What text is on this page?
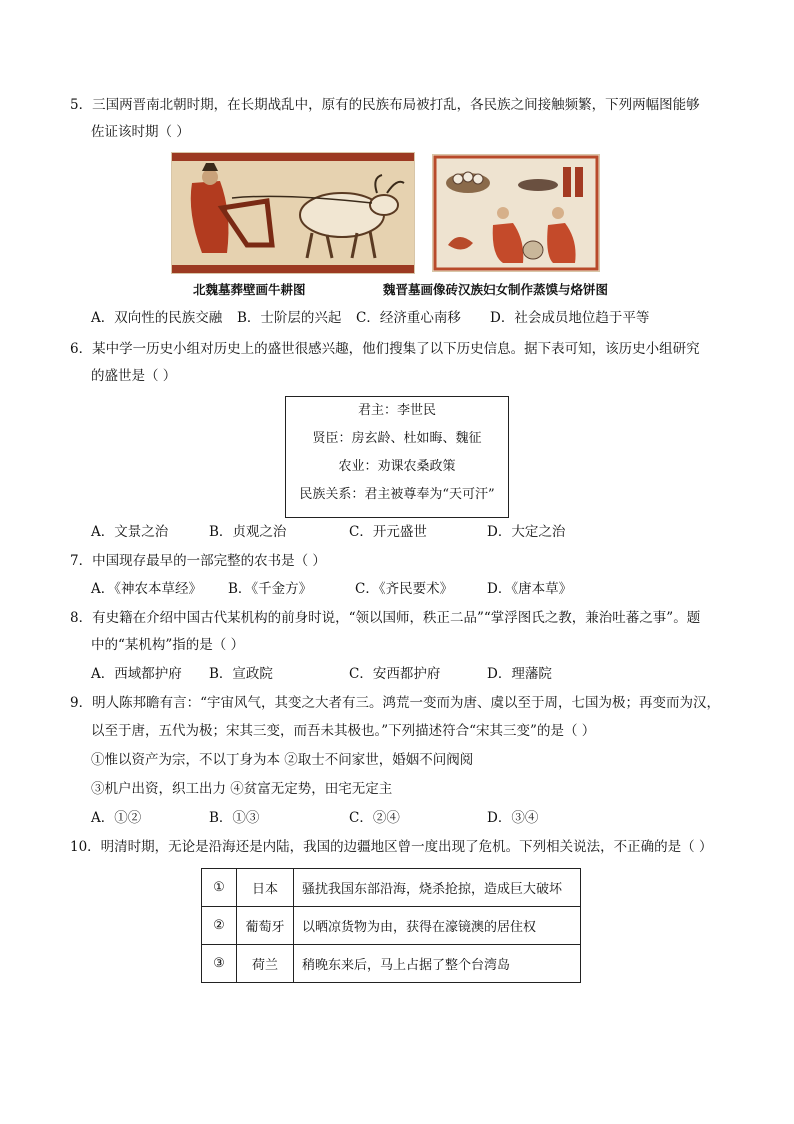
5．三国两晋南北朝时期，在长期战乱中，原有的民族布局被打乱，各民族之间接触频繁，下列两幅图能够
佐证该时期（ ）
北魏墓葬壁画牛耕图	魏晋墓画像砖汉族妇女制作蒸馍与烙饼图
A．双向性的民族交融 B．士阶层的兴起 C．经济重心南移 D．社会成员地位趋于平等
6．某中学一历史小组对历史上的盛世很感兴趣，他们搜集了以下历史信息。据下表可知，该历史小组研究
的盛世是（ ）
君主：李世民
贤臣：房玄龄、杜如晦、魏征
农业：劝课农桑政策
民族关系：君主被尊奉为“天可汗”
A．文景之治	B．贞观之治	C．开元盛世	D．大定之治
7．中国现存最早的一部完整的农书是（ ）
A．《神农本草经》 B．《千金方》	C．《齐民要术》	D．《唐本草》
8．有史籍在介绍中国古代某机构的前身时说，“领以国师，秩正二品”“掌浮图氏之教，兼治吐蕃之事”。题
中的“某机构”指的是（ ）
A．西域都护府 B．宣政院	C．安西都护府	D．理藩院
9．明人陈邦瞻有言：“宇宙风气，其变之大者有三。鸿荒一变而为唐、虞以至于周，七国为极；再变而为汉，
以至于唐，五代为极；宋其三变，而吾未其极也。”下列描述符合“宋其三变”的是（ ）
①惟以资产为宗，不以丁身为本 ②取士不问家世，婚姻不问阀阅
③机户出资，织工出力 ④贫富无定势，田宅无定主
A．①②	B．①③	C．②④	D．③④
10．明清时期，无论是沿海还是内陆，我国的边疆地区曾一度出现了危机。下列相关说法，不正确的是（ ）
①	日本	骚扰我国东部沿海，烧杀抢掠，造成巨大破坏
②	葡萄牙	以晒凉货物为由，获得在濠镜澳的居住权
③	荷兰	稍晚东来后，马上占据了整个台湾岛
